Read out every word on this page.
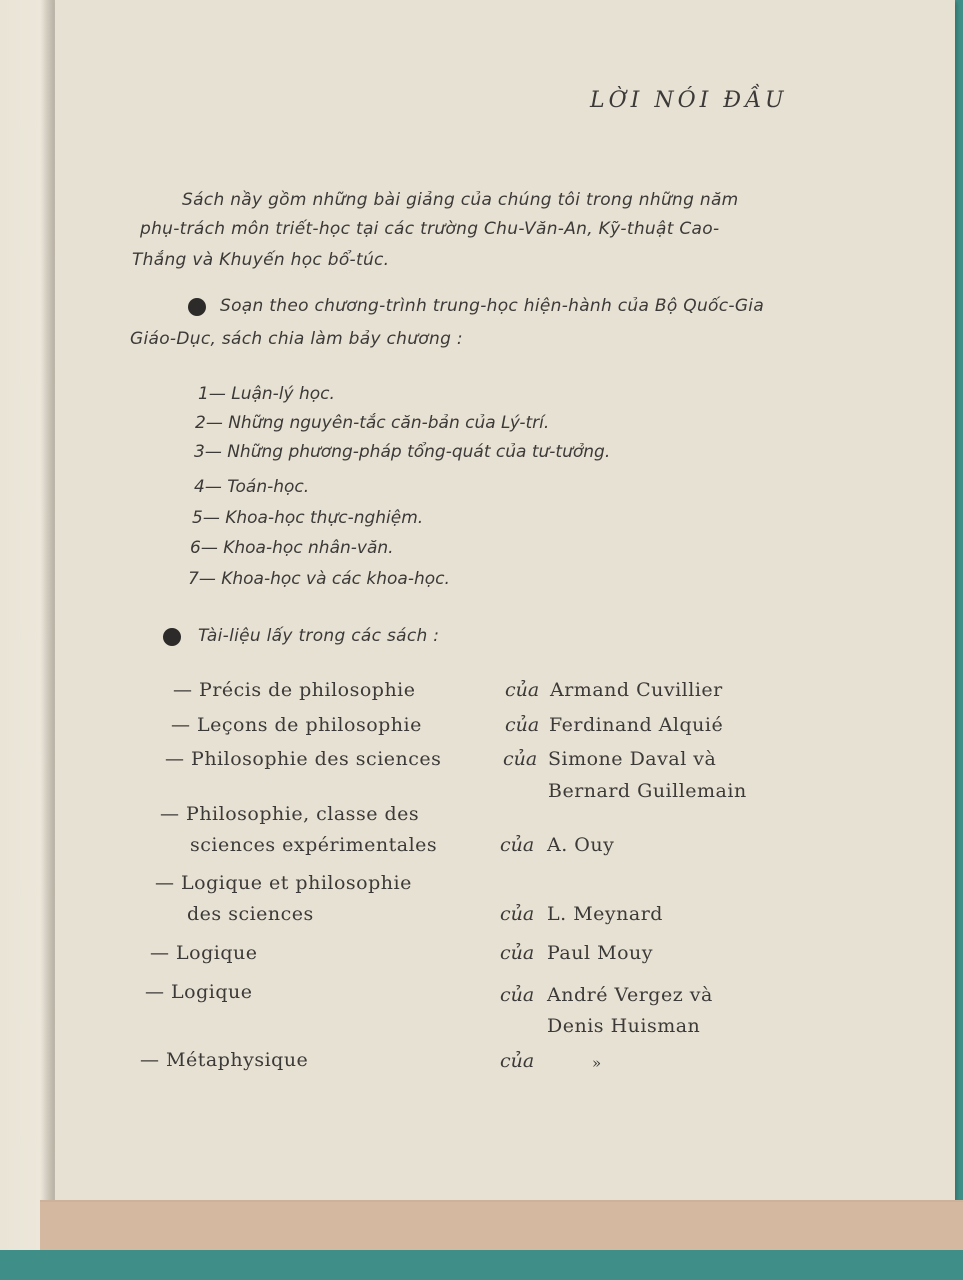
LỜI NÓI ĐẦU
Sách nầy gồm những bài giảng của chúng tôi trong những năm
phụ-trách môn triết-học tại các trường Chu-Văn-An, Kỹ-thuật Cao-
Thắng và Khuyến học bổ-túc.
Soạn theo chương-trình trung-học hiện-hành của Bộ Quốc-Gia
Giáo-Dục, sách chia làm bảy chương :
1— Luận-lý học.
2— Những nguyên-tắc căn-bản của Lý-trí.
3— Những phương-pháp tổng-quát của tư-tưởng.
4— Toán-học.
5— Khoa-học thực-nghiệm.
6— Khoa-học nhân-văn.
7— Khoa-học và các khoa-học.
Tài-liệu lấy trong các sách :
— Précis de philosophie	của Armand Cuvillier
— Leçons de philosophie	của Ferdinand Alquié
— Philosophie des sciences	của Simone Daval và
Bernard Guillemain
— Philosophie, classe des
sciences expérimentales	của A. Ouy
— Logique et philosophie
des sciences	của L. Meynard
— Logique	của Paul Mouy
— Logique	của André Vergez và
Denis Huisman
— Métaphysique	của	»
